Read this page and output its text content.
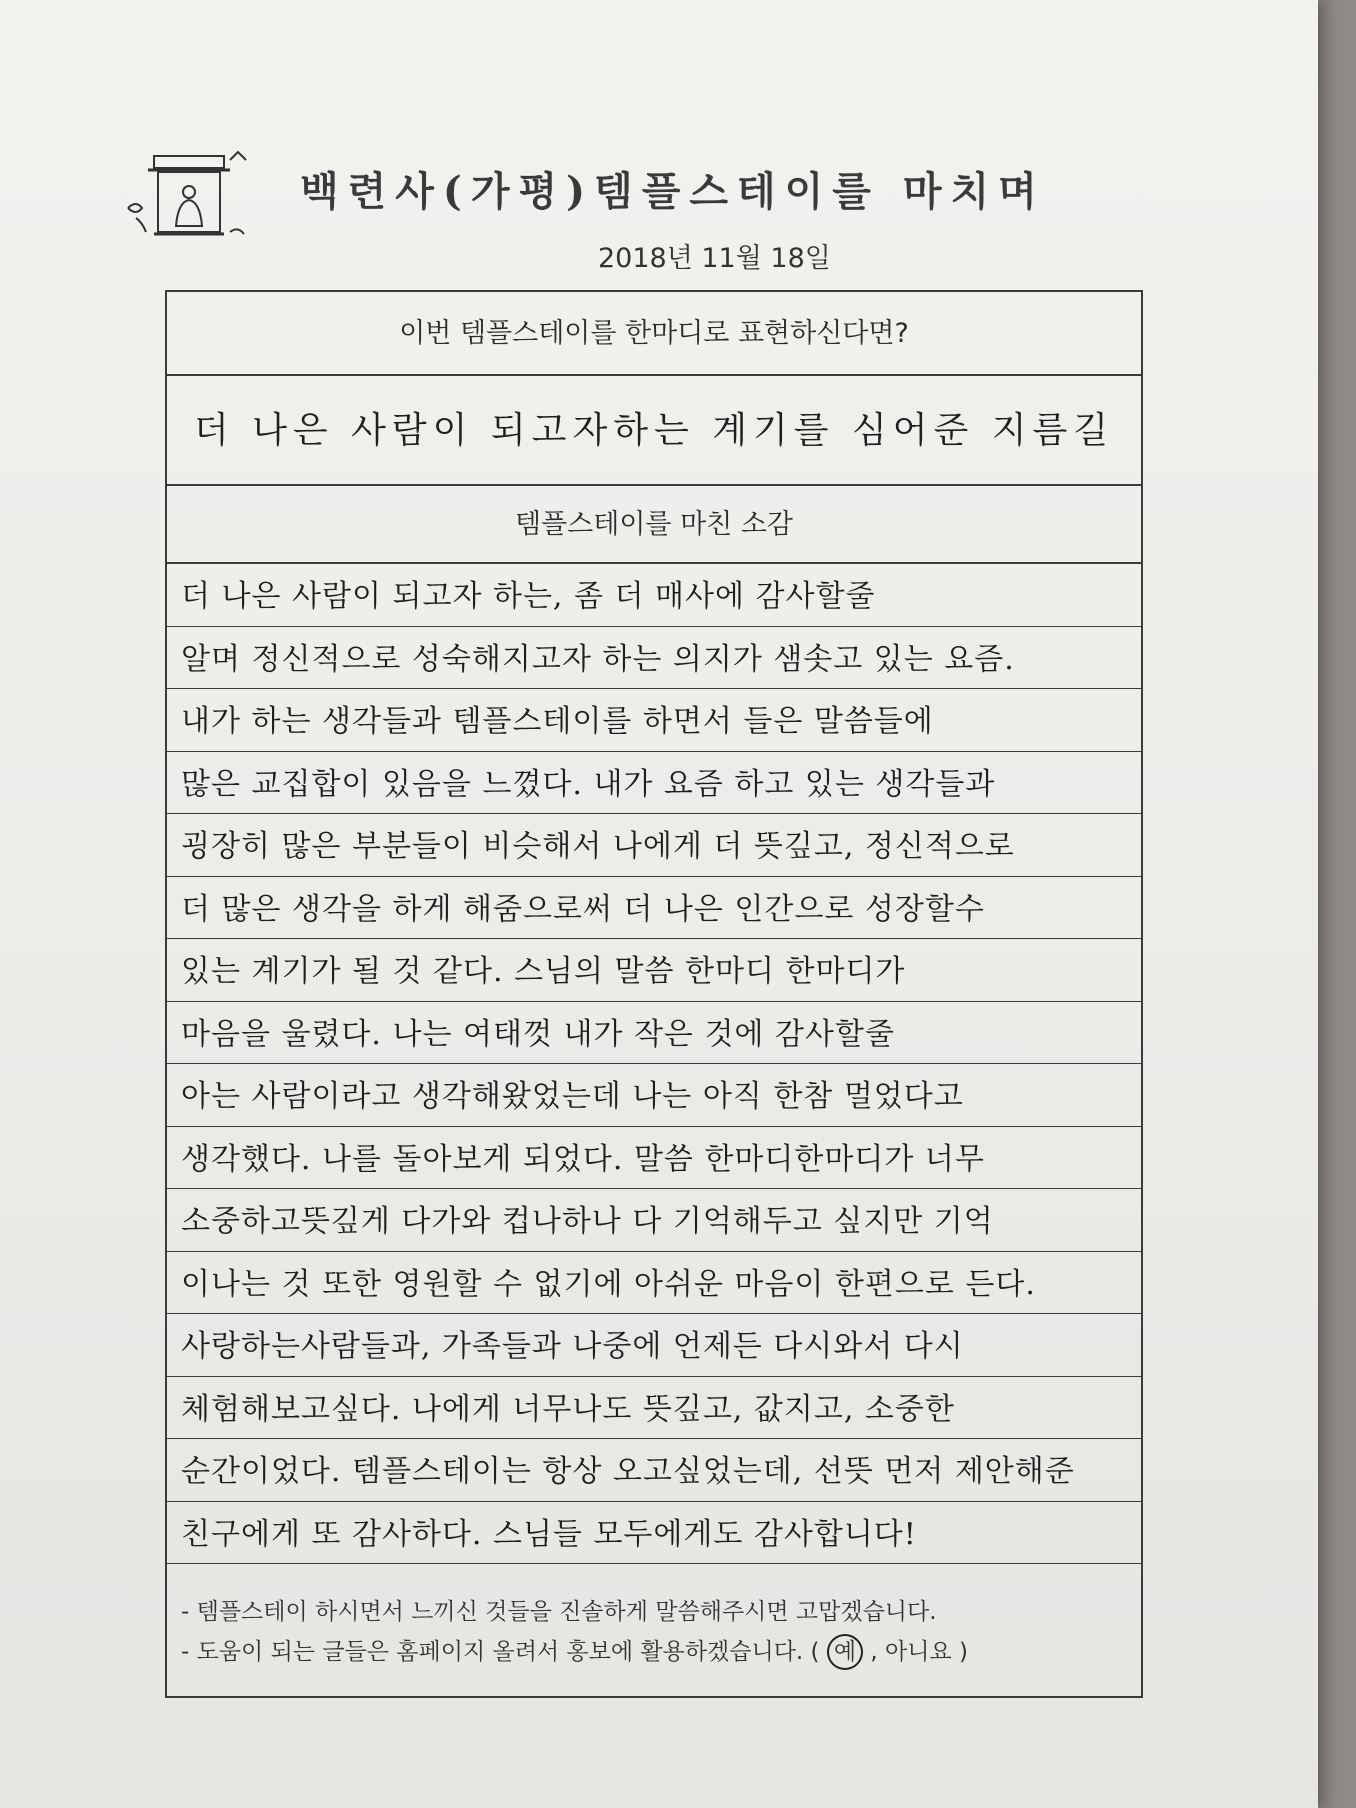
백련사(가평)템플스테이를 마치며
2018년 11월 18일
이번 템플스테이를 한마디로 표현하신다면?
더 나은 사람이 되고자하는 계기를 심어준 지름길
템플스테이를 마친 소감
더 나은 사람이 되고자 하는, 좀 더 매사에 감사할줄
알며 정신적으로 성숙해지고자 하는 의지가 샘솟고 있는 요즘.
내가 하는 생각들과 템플스테이를 하면서 들은 말씀들에
많은 교집합이 있음을 느꼈다. 내가 요즘 하고 있는 생각들과
굉장히 많은 부분들이 비슷해서 나에게 더 뜻깊고, 정신적으로
더 많은 생각을 하게 해줌으로써 더 나은 인간으로 성장할수
있는 계기가 될 것 같다. 스님의 말씀 한마디 한마디가
마음을 울렸다. 나는 여태껏 내가 작은 것에 감사할줄
아는 사람이라고 생각해왔었는데 나는 아직 한참 멀었다고
생각했다. 나를 돌아보게 되었다. 말씀 한마디한마디가 너무
소중하고뜻깊게 다가와 컵나하나 다 기억해두고 싶지만 기억
이나는 것 또한 영원할 수 없기에 아쉬운 마음이 한편으로 든다.
사랑하는사람들과, 가족들과 나중에 언제든 다시와서 다시
체험해보고싶다. 나에게 너무나도 뜻깊고, 값지고, 소중한
순간이었다. 템플스테이는 항상 오고싶었는데, 선뜻 먼저 제안해준
친구에게 또 감사하다. 스님들 모두에게도 감사합니다!
- 템플스테이 하시면서 느끼신 것들을 진솔하게 말씀해주시면 고맙겠습니다.
- 도움이 되는 글들은 홈페이지 올려서 홍보에 활용하겠습니다. ( 예 , 아니요 )
